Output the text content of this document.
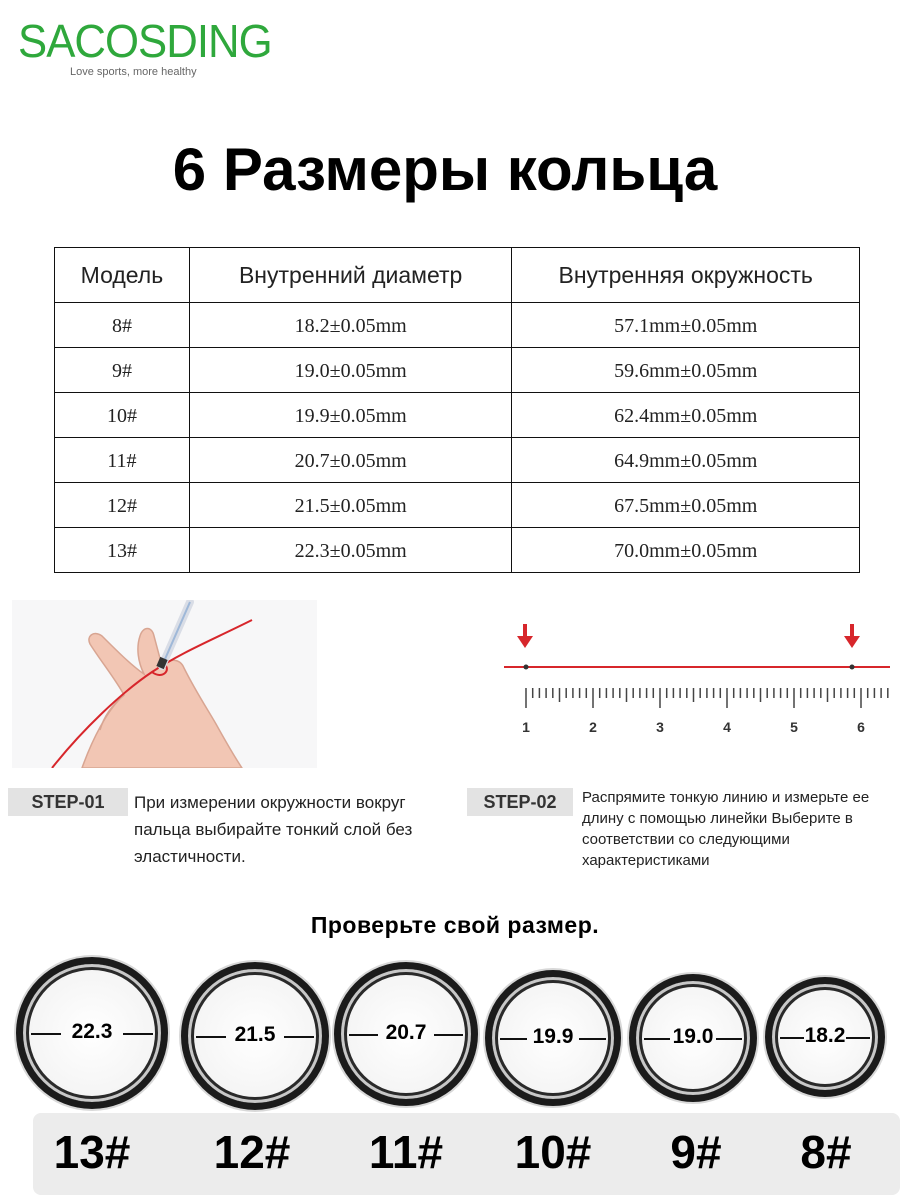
SACOSDING
Love sports, more healthy
6 Размеры кольца
Модель	Внутренний диаметр	Внутренняя окружность
8#	18.2±0.05mm	57.1mm±0.05mm
9#	19.0±0.05mm	59.6mm±0.05mm
10#	19.9±0.05mm	62.4mm±0.05mm
11#	20.7±0.05mm	64.9mm±0.05mm
12#	21.5±0.05mm	67.5mm±0.05mm
13#	22.3±0.05mm	70.0mm±0.05mm
1	2	3	4	5	6
STEP-01	При измерении окружности вокруг пальца выбирайте тонкий слой без эластичности.
STEP-02	Распрямите тонкую линию и измерьте ее длину с помощью линейки Выберите в соответствии со следующими характеристиками
Проверьте свой размер.
22.3
13#
21.5
12#
20.7
11#
19.9
10#
19.0
9#
18.2
8#
